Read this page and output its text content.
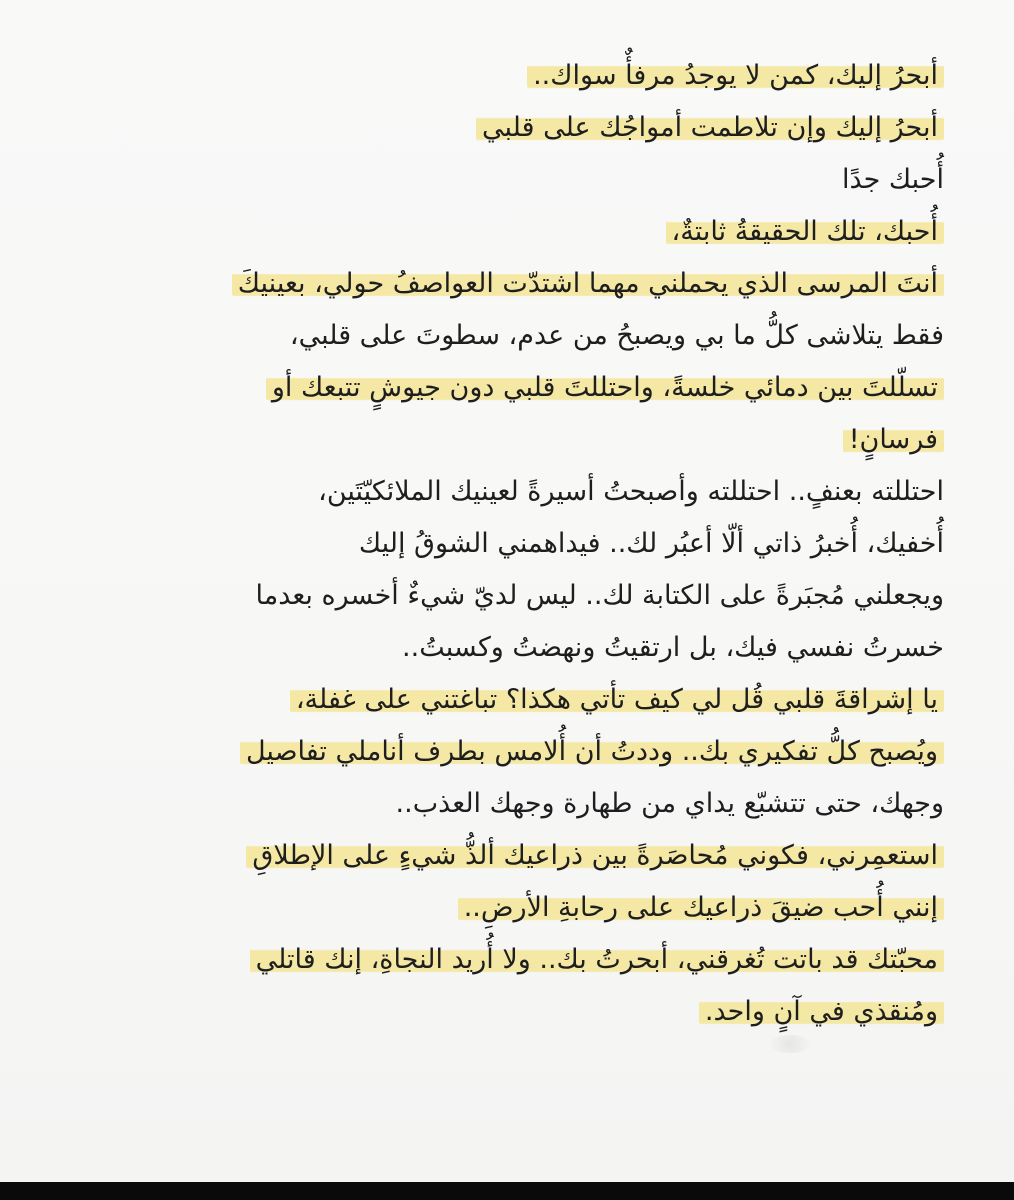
أبحرُ إليك، كمن لا يوجدُ مرفأٌ سواك..
أبحرُ إليك وإن تلاطمت أمواجُك على قلبي
أُحبك جدًا
أُحبك، تلك الحقيقةُ ثابتةٌ،
أنتَ المرسى الذي يحملني مهما اشتدّت العواصفُ حولي، بعينيكَ
فقط يتلاشى كلُّ ما بي ويصبحُ من عدم، سطوتَ على قلبي،
تسلّلتَ بين دمائي خلسةً، واحتللتَ قلبي دون جيوشٍ تتبعك أو
فرسانٍ!
احتللته بعنفٍ.. احتللته وأصبحتُ أسيرةً لعينيك الملائكيّتَين،
أُخفيك، أُخبرُ ذاتي ألّا أعبُر لك.. فيداهمني الشوقُ إليك
ويجعلني مُجبَرةً على الكتابة لك.. ليس لديّ شيءٌ أخسره بعدما
خسرتُ نفسي فيك، بل ارتقيتُ ونهضتُ وكسبتُ..
يا إشراقةَ قلبي قُل لي كيف تأتي هكذا؟ تباغتني على غفلة،
ويُصبح كلُّ تفكيري بك.. وددتُ أن أُلامس بطرف أناملي تفاصيل
وجهك، حتى تتشبّع يداي من طهارة وجهك العذب..
استعمِرني، فكوني مُحاصَرةً بين ذراعيك ألذُّ شيءٍ على الإطلاقِ
إنني أُحب ضيقَ ذراعيك على رحابةِ الأرضِ..
محبّتك قد باتت تُغرقني، أبحرتُ بك.. ولا أُريد النجاةِ، إنك قاتلي
ومُنقذي في آنٍ واحد.
